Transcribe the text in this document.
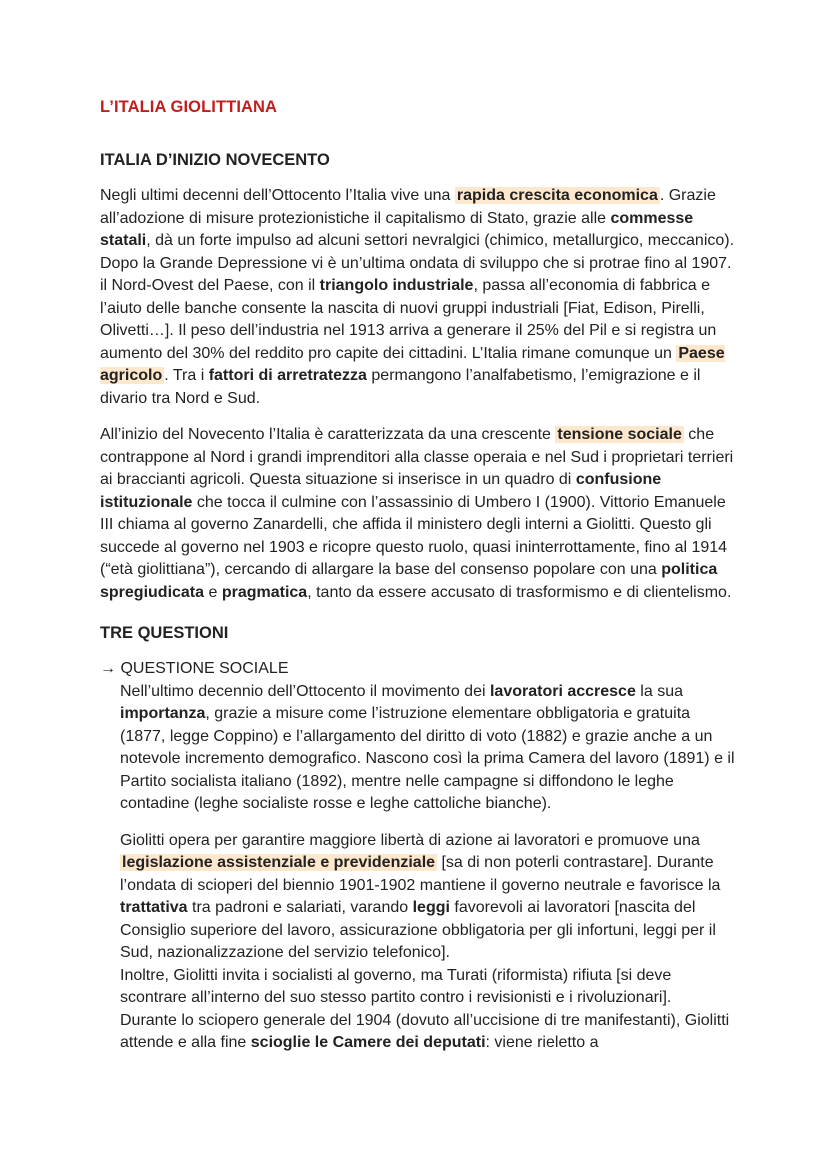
L’ITALIA GIOLITTIANA
ITALIA D’INIZIO NOVECENTO

Negli ultimi decenni dell’Ottocento l’Italia vive una rapida crescita economica . Grazie all’adozione di misure protezionistiche il capitalismo di Stato, grazie alle commesse statali, dà un forte impulso ad alcuni settori nevralgici (chimico, metallurgico, meccanico). Dopo la Grande Depressione vi è un’ultima ondata di sviluppo che si protrae fino al 1907. il Nord-Ovest del Paese, con il triangolo industriale, passa all’economia di fabbrica e l’aiuto delle banche consente la nascita di nuovi gruppi industriali [Fiat, Edison, Pirelli, Olivetti…]. Il peso dell’industria nel 1913 arriva a generare il 25% del Pil e si registra un aumento del 30% del reddito pro capite dei cittadini. L’Italia rimane comunque un Paese agricolo . Tra i fattori di arretratezza permangono l’analfabetismo, l’emigrazione e il divario tra Nord e Sud.

All’inizio del Novecento l’Italia è caratterizzata da una crescente tensione sociale che contrappone al Nord i grandi imprenditori alla classe operaia e nel Sud i proprietari terrieri ai braccianti agricoli. Questa situazione si inserisce in un quadro di confusione istituzionale che tocca il culmine con l’assassinio di Umbero I (1900). Vittorio Emanuele III chiama al governo Zanardelli, che affida il ministero degli interni a Giolitti. Questo gli succede al governo nel 1903 e ricopre questo ruolo, quasi ininterrottamente, fino al 1914 (“età giolittiana”), cercando di allargare la base del consenso popolare con una politica spregiudicata e pragmatica, tanto da essere accusato di trasformismo e di clientelismo.

TRE QUESTIONI

→ QUESTIONE SOCIALE

Nell’ultimo decennio dell’Ottocento il movimento dei lavoratori accresce la sua importanza, grazie a misure come l’istruzione elementare obbligatoria e gratuita (1877, legge Coppino) e l’allargamento del diritto di voto (1882) e grazie anche a un notevole incremento demografico. Nascono così la prima Camera del lavoro (1891) e il Partito socialista italiano (1892), mentre nelle campagne si diffondono le leghe contadine (leghe socialiste rosse e leghe cattoliche bianche).

Giolitti opera per garantire maggiore libertà di azione ai lavoratori e promuove una legislazione assistenziale e previdenziale [sa di non poterli contrastare]. Durante l’ondata di scioperi del biennio 1901-1902 mantiene il governo neutrale e favorisce la trattativa tra padroni e salariati, varando leggi favorevoli ai lavoratori [nascita del Consiglio superiore del lavoro, assicurazione obbligatoria per gli infortuni, leggi per il Sud, nazionalizzazione del servizio telefonico].
Inoltre, Giolitti invita i socialisti al governo, ma Turati (riformista) rifiuta [si deve scontrare all’interno del suo stesso partito contro i revisionisti e i rivoluzionari].
Durante lo sciopero generale del 1904 (dovuto all’uccisione di tre manifestanti), Giolitti attende e alla fine scioglie le Camere dei deputati: viene rieletto a
